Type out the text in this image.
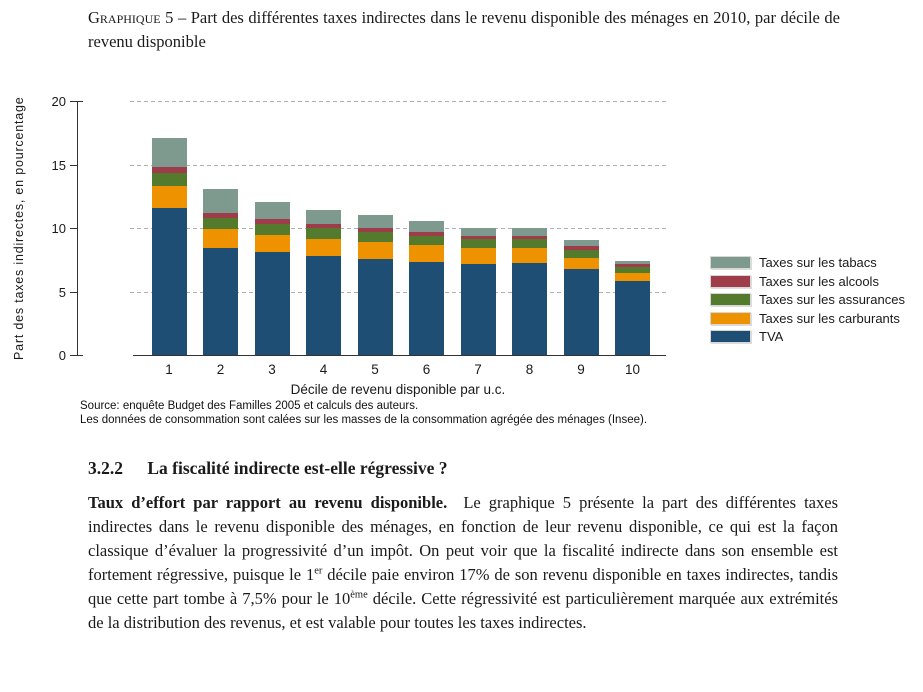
Graphique 5 – Part des différentes taxes indirectes dans le revenu disponible des ménages en 2010, par décile de revenu disponible
Part des taxes indirectes, en pourcentage	0
5
10
15
20
1	2	3	4	5	6	7	8	9	10
Décile de revenu disponible par u.c.
Taxes sur les tabacs
Taxes sur les alcools
Taxes sur les assurances
Taxes sur les carburants
TVA
Source: enquête Budget des Familles 2005 et calculs des auteurs.
Les données de consommation sont calées sur les masses de la consommation agrégée des ménages (Insee).
3.2.2 La fiscalité indirecte est-elle régressive ?
Taux d’effort par rapport au revenu disponible.  Le graphique 5 présente la part des différentes taxes indirectes dans le revenu disponible des ménages, en fonction de leur revenu disponible, ce qui est la façon classique d’évaluer la progressivité d’un impôt. On peut voir que la fiscalité indirecte dans son ensemble est fortement régressive, puisque le 1er décile paie environ 17% de son revenu disponible en taxes indirectes, tandis que cette part tombe à 7,5% pour le 10ème décile. Cette régressivité est particulièrement marquée aux extrémités de la distribution des revenus, et est valable pour toutes les taxes indirectes.
